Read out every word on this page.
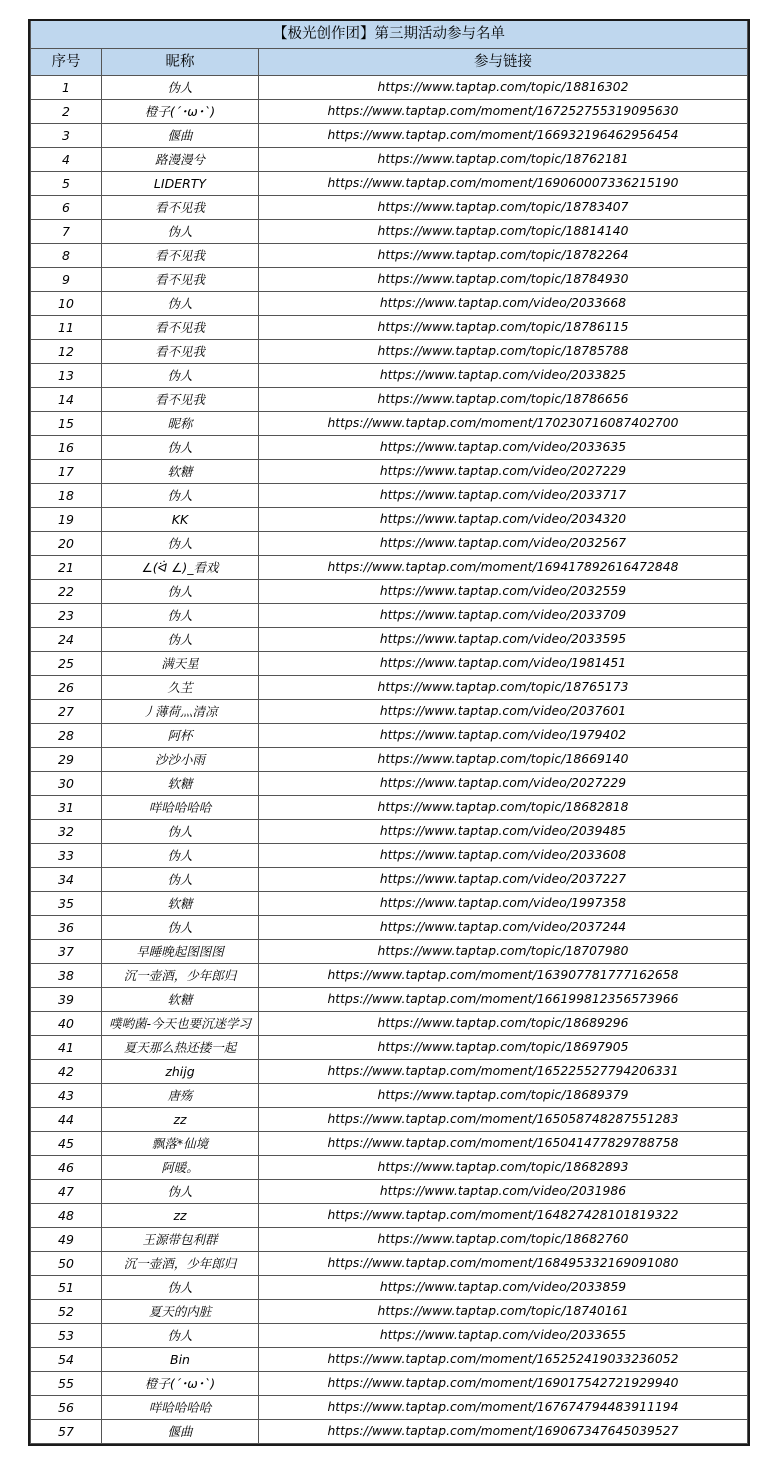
【极光创作团】第三期活动参与名单		
序号	昵称	参与链接
1	伪人	https://www.taptap.com/topic/18816302
2	橙子(´･ω･`)	https://www.taptap.com/moment/167252755319095630
3	偃曲	https://www.taptap.com/moment/166932196462956454
4	路漫漫兮	https://www.taptap.com/topic/18762181
5	LIDERTY	https://www.taptap.com/moment/169060007336215190
6	看不见我	https://www.taptap.com/topic/18783407
7	伪人	https://www.taptap.com/topic/18814140
8	看不见我	https://www.taptap.com/topic/18782264
9	看不见我	https://www.taptap.com/topic/18784930
10	伪人	https://www.taptap.com/video/2033668
11	看不见我	https://www.taptap.com/topic/18786115
12	看不见我	https://www.taptap.com/topic/18785788
13	伪人	https://www.taptap.com/video/2033825
14	看不见我	https://www.taptap.com/topic/18786656
15	昵称	https://www.taptap.com/moment/170230716087402700
16	伪人	https://www.taptap.com/video/2033635
17	软糖	https://www.taptap.com/video/2027229
18	伪人	https://www.taptap.com/video/2033717
19	KK	https://www.taptap.com/video/2034320
20	伪人	https://www.taptap.com/video/2032567
21	∠(ᐛ ∠)_看戏	https://www.taptap.com/moment/169417892616472848
22	伪人	https://www.taptap.com/video/2032559
23	伪人	https://www.taptap.com/video/2033709
24	伪人	https://www.taptap.com/video/2033595
25	满天星	https://www.taptap.com/video/1981451
26	久芏	https://www.taptap.com/topic/18765173
27	丿薄荷灬清凉	https://www.taptap.com/video/2037601
28	阿杯	https://www.taptap.com/video/1979402
29	沙沙小雨	https://www.taptap.com/topic/18669140
30	软糖	https://www.taptap.com/video/2027229
31	咩哈哈哈哈	https://www.taptap.com/topic/18682818
32	伪人	https://www.taptap.com/video/2039485
33	伪人	https://www.taptap.com/video/2033608
34	伪人	https://www.taptap.com/video/2037227
35	软糖	https://www.taptap.com/video/1997358
36	伪人	https://www.taptap.com/video/2037244
37	早睡晚起图图图	https://www.taptap.com/topic/18707980
38	沉一壶酒，少年郎归	https://www.taptap.com/moment/163907781777162658
39	软糖	https://www.taptap.com/moment/166199812356573966
40	噗哟菌-今天也要沉迷学习	https://www.taptap.com/topic/18689296
41	夏天那么热还搂一起	https://www.taptap.com/topic/18697905
42	zhijg	https://www.taptap.com/moment/165225527794206331
43	唐殇	https://www.taptap.com/topic/18689379
44	zz	https://www.taptap.com/moment/165058748287551283
45	飘落*仙境	https://www.taptap.com/moment/165041477829788758
46	阿暖。	https://www.taptap.com/topic/18682893
47	伪人	https://www.taptap.com/video/2031986
48	zz	https://www.taptap.com/moment/164827428101819322
49	王源带包利群	https://www.taptap.com/topic/18682760
50	沉一壶酒，少年郎归	https://www.taptap.com/moment/168495332169091080
51	伪人	https://www.taptap.com/video/2033859
52	夏天的内脏	https://www.taptap.com/topic/18740161
53	伪人	https://www.taptap.com/video/2033655
54	Bin	https://www.taptap.com/moment/165252419033236052
55	橙子(´･ω･`)	https://www.taptap.com/moment/169017542721929940
56	咩哈哈哈哈	https://www.taptap.com/moment/167674794483911194
57	偃曲	https://www.taptap.com/moment/169067347645039527
